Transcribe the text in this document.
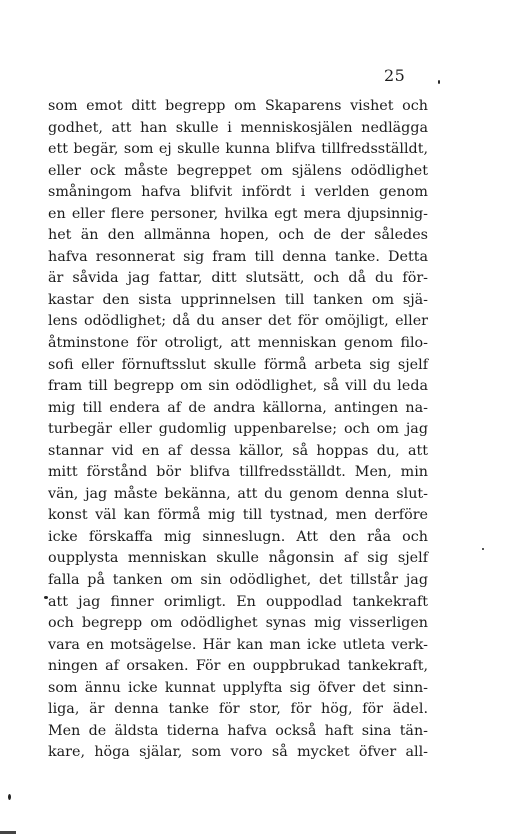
25
som emot ditt begrepp om Skaparens vishet och
godhet, att han skulle i menniskosjälen nedlägga
ett begär, som ej skulle kunna blifva tillfredsställdt,
eller ock måste begreppet om själens odödlighet
småningom hafva blifvit infördt i verlden genom
en eller flere personer, hvilka egt mera djupsinnig-
het än den allmänna hopen, och de der således
hafva resonnerat sig fram till denna tanke. Detta
är såvida jag fattar, ditt slutsätt, och då du för-
kastar den sista upprinnelsen till tanken om sjä-
lens odödlighet; då du anser det för omöjligt, eller
åtminstone för otroligt, att menniskan genom filo-
sofi eller förnuftsslut skulle förmå arbeta sig sjelf
fram till begrepp om sin odödlighet, så vill du leda
mig till endera af de andra källorna, antingen na-
turbegär eller gudomlig uppenbarelse; och om jag
stannar vid en af dessa källor, så hoppas du, att
mitt förstånd bör blifva tillfredsställdt. Men, min
vän, jag måste bekänna, att du genom denna slut-
konst väl kan förmå mig till tystnad, men derföre
icke förskaffa mig sinneslugn. Att den råa och
oupplysta menniskan skulle någonsin af sig sjelf
falla på tanken om sin odödlighet, det tillstår jag
att jag finner orimligt. En ouppodlad tankekraft
och begrepp om odödlighet synas mig visserligen
vara en motsägelse. Här kan man icke utleta verk-
ningen af orsaken. För en ouppbrukad tankekraft,
som ännu icke kunnat upplyfta sig öfver det sinn-
liga, är denna tanke för stor, för hög, för ädel.
Men de äldsta tiderna hafva också haft sina tän-
kare, höga själar, som voro så mycket öfver all-
